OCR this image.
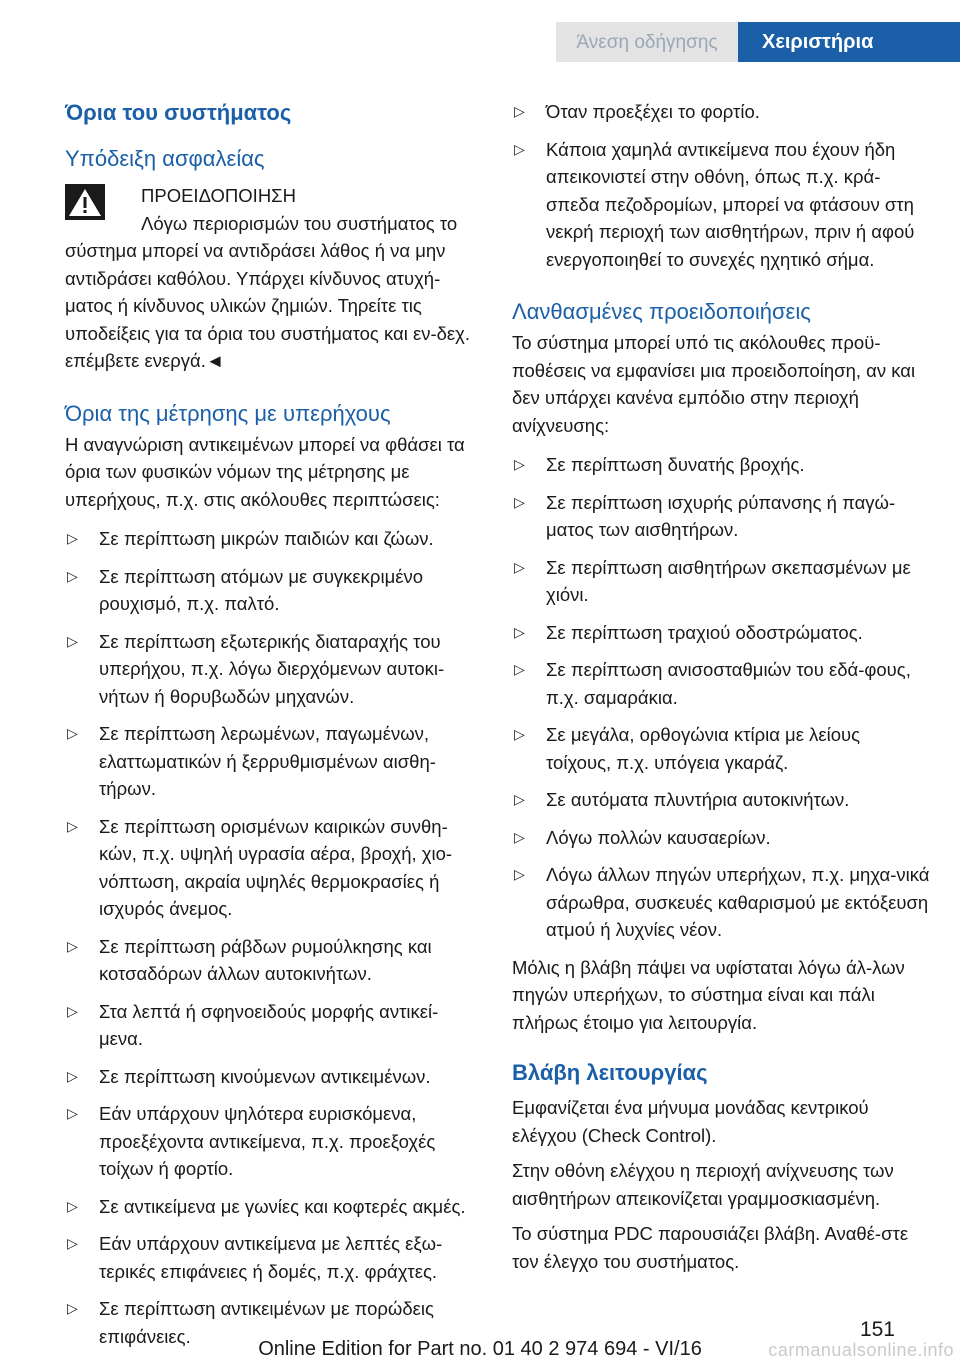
Άνεση οδήγησης	Χειριστήρια
Όρια του συστήματος
Υπόδειξη ασφαλείας
ΠΡΟΕΙΔΟΠΟΙΗΣΗ
Λόγω περιορισμών του συστήματος το
σύστημα μπορεί να αντιδράσει λάθος ή να μην αντιδράσει καθόλου. Υπάρχει κίνδυνος ατυχή-ματος ή κίνδυνος υλικών ζημιών. Τηρείτε τις υποδείξεις για τα όρια του συστήματος και εν-δεχ. επέμβετε ενεργά.◄
Όρια της μέτρησης με υπερήχους
Η αναγνώριση αντικειμένων μπορεί να φθάσει τα όρια των φυσικών νόμων της μέτρησης με υπερήχους, π.χ. στις ακόλουθες περιπτώσεις:
▷ Σε περίπτωση μικρών παιδιών και ζώων.
▷ Σε περίπτωση ατόμων με συγκεκριμένο ρουχισμό, π.χ. παλτό.
▷ Σε περίπτωση εξωτερικής διαταραχής του υπερήχου, π.χ. λόγω διερχόμενων αυτοκι-νήτων ή θορυβωδών μηχανών.
▷ Σε περίπτωση λερωμένων, παγωμένων, ελαττωματικών ή ξερρυθμισμένων αισθη-τήρων.
▷ Σε περίπτωση ορισμένων καιρικών συνθη-κών, π.χ. υψηλή υγρασία αέρα, βροχή, χιο-νόπτωση, ακραία υψηλές θερμοκρασίες ή ισχυρός άνεμος.
▷ Σε περίπτωση ράβδων ρυμούλκησης και κοτσαδόρων άλλων αυτοκινήτων.
▷ Στα λεπτά ή σφηνοειδούς μορφής αντικεί-μενα.
▷ Σε περίπτωση κινούμενων αντικειμένων.
▷ Εάν υπάρχουν ψηλότερα ευρισκόμενα, προεξέχοντα αντικείμενα, π.χ. προεξοχές τοίχων ή φορτίο.
▷ Σε αντικείμενα με γωνίες και κοφτερές ακμές.
▷ Εάν υπάρχουν αντικείμενα με λεπτές εξω-τερικές επιφάνειες ή δομές, π.χ. φράχτες.
▷ Σε περίπτωση αντικειμένων με πορώδεις επιφάνειες.
▷ Όταν προεξέχει το φορτίο.
▷ Κάποια χαμηλά αντικείμενα που έχουν ήδη απεικονιστεί στην οθόνη, όπως π.χ. κρά-σπεδα πεζοδρομίων, μπορεί να φτάσουν στη νεκρή περιοχή των αισθητήρων, πριν ή αφού ενεργοποιηθεί το συνεχές ηχητικό σήμα.
Λανθασμένες προειδοποιήσεις
Το σύστημα μπορεί υπό τις ακόλουθες προϋ-ποθέσεις να εμφανίσει μια προειδοποίηση, αν και δεν υπάρχει κανένα εμπόδιο στην περιοχή ανίχνευσης:
▷ Σε περίπτωση δυνατής βροχής.
▷ Σε περίπτωση ισχυρής ρύπανσης ή παγώ-ματος των αισθητήρων.
▷ Σε περίπτωση αισθητήρων σκεπασμένων με χιόνι.
▷ Σε περίπτωση τραχιού οδοστρώματος.
▷ Σε περίπτωση ανισοσταθμιών του εδά-φους, π.χ. σαμαράκια.
▷ Σε μεγάλα, ορθογώνια κτίρια με λείους τοίχους, π.χ. υπόγεια γκαράζ.
▷ Σε αυτόματα πλυντήρια αυτοκινήτων.
▷ Λόγω πολλών καυσαερίων.
▷ Λόγω άλλων πηγών υπερήχων, π.χ. μηχα-νικά σάρωθρα, συσκευές καθαρισμού με εκτόξευση ατμού ή λυχνίες νέον.
Μόλις η βλάβη πάψει να υφίσταται λόγω άλ-λων πηγών υπερήχων, το σύστημα είναι και πάλι πλήρως έτοιμο για λειτουργία.
Βλάβη λειτουργίας
Εμφανίζεται ένα μήνυμα μονάδας κεντρικού ελέγχου (Check Control).
Στην οθόνη ελέγχου η περιοχή ανίχνευσης των αισθητήρων απεικονίζεται γραμμοσκιασμένη.
Το σύστημα PDC παρουσιάζει βλάβη. Αναθέ-στε τον έλεγχο του συστήματος.
151
Online Edition for Part no. 01 40 2 974 694 - VI/16	carmanualsonline.info
